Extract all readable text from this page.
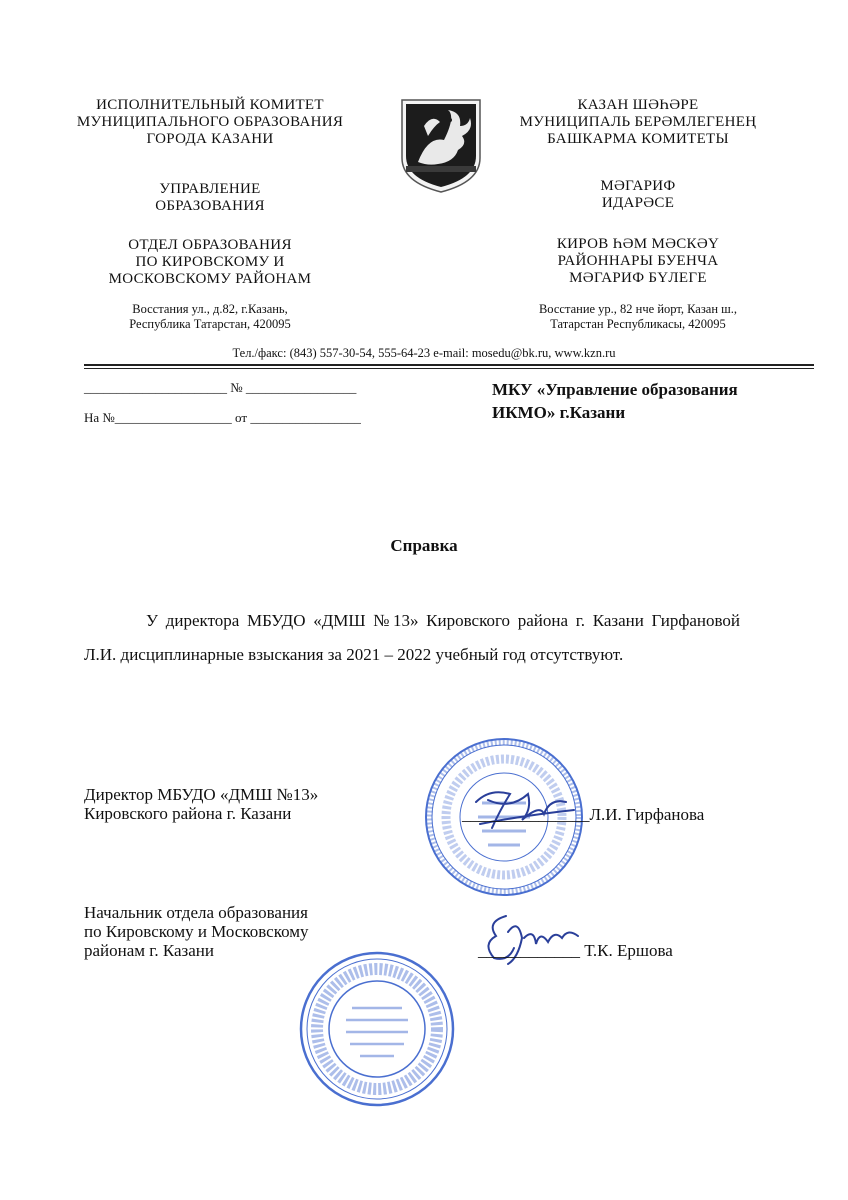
ИСПОЛНИТЕЛЬНЫЙ КОМИТЕТ
МУНИЦИПАЛЬНОГО ОБРАЗОВАНИЯ
ГОРОДА КАЗАНИ
УПРАВЛЕНИЕ
ОБРАЗОВАНИЯ
ОТДЕЛ ОБРАЗОВАНИЯ
ПО КИРОВСКОМУ И
МОСКОВСКОМУ РАЙОНАМ
Восстания ул., д.82, г.Казань,
Республика Татарстан, 420095
КАЗАН ШӘҺӘРЕ
МУНИЦИПАЛЬ БЕРӘМЛЕГЕНЕҢ
БАШКАРМА КОМИТЕТЫ
МӘГАРИФ
ИДАРӘСЕ
КИРОВ ҺӘМ МӘСКӘҮ
РАЙОННАРЫ БУЕНЧА
МӘГАРИФ БҮЛЕГЕ
Восстание ур., 82 нче йорт, Казан ш.,
Татарстан Республикасы, 420095
Тел./факс: (843) 557-30-54, 555-64-23 e-mail: mosedu@bk.ru, www.kzn.ru
______________________ № _________________
На №__________________ от _________________
МКУ «Управление образования
ИКМО» г.Казани
Справка
У директора МБУДО «ДМШ №13» Кировского района г. Казани Гирфановой Л.И. дисциплинарные взыскания за 2021 – 2022 учебный год отсутствуют.
Директор МБУДО «ДМШ №13»
Кировского района г. Казани	_______________Л.И. Гирфанова
Начальник отдела образования
по Кировскому и Московскому
районам г. Казани	____________ Т.К. Ершова
